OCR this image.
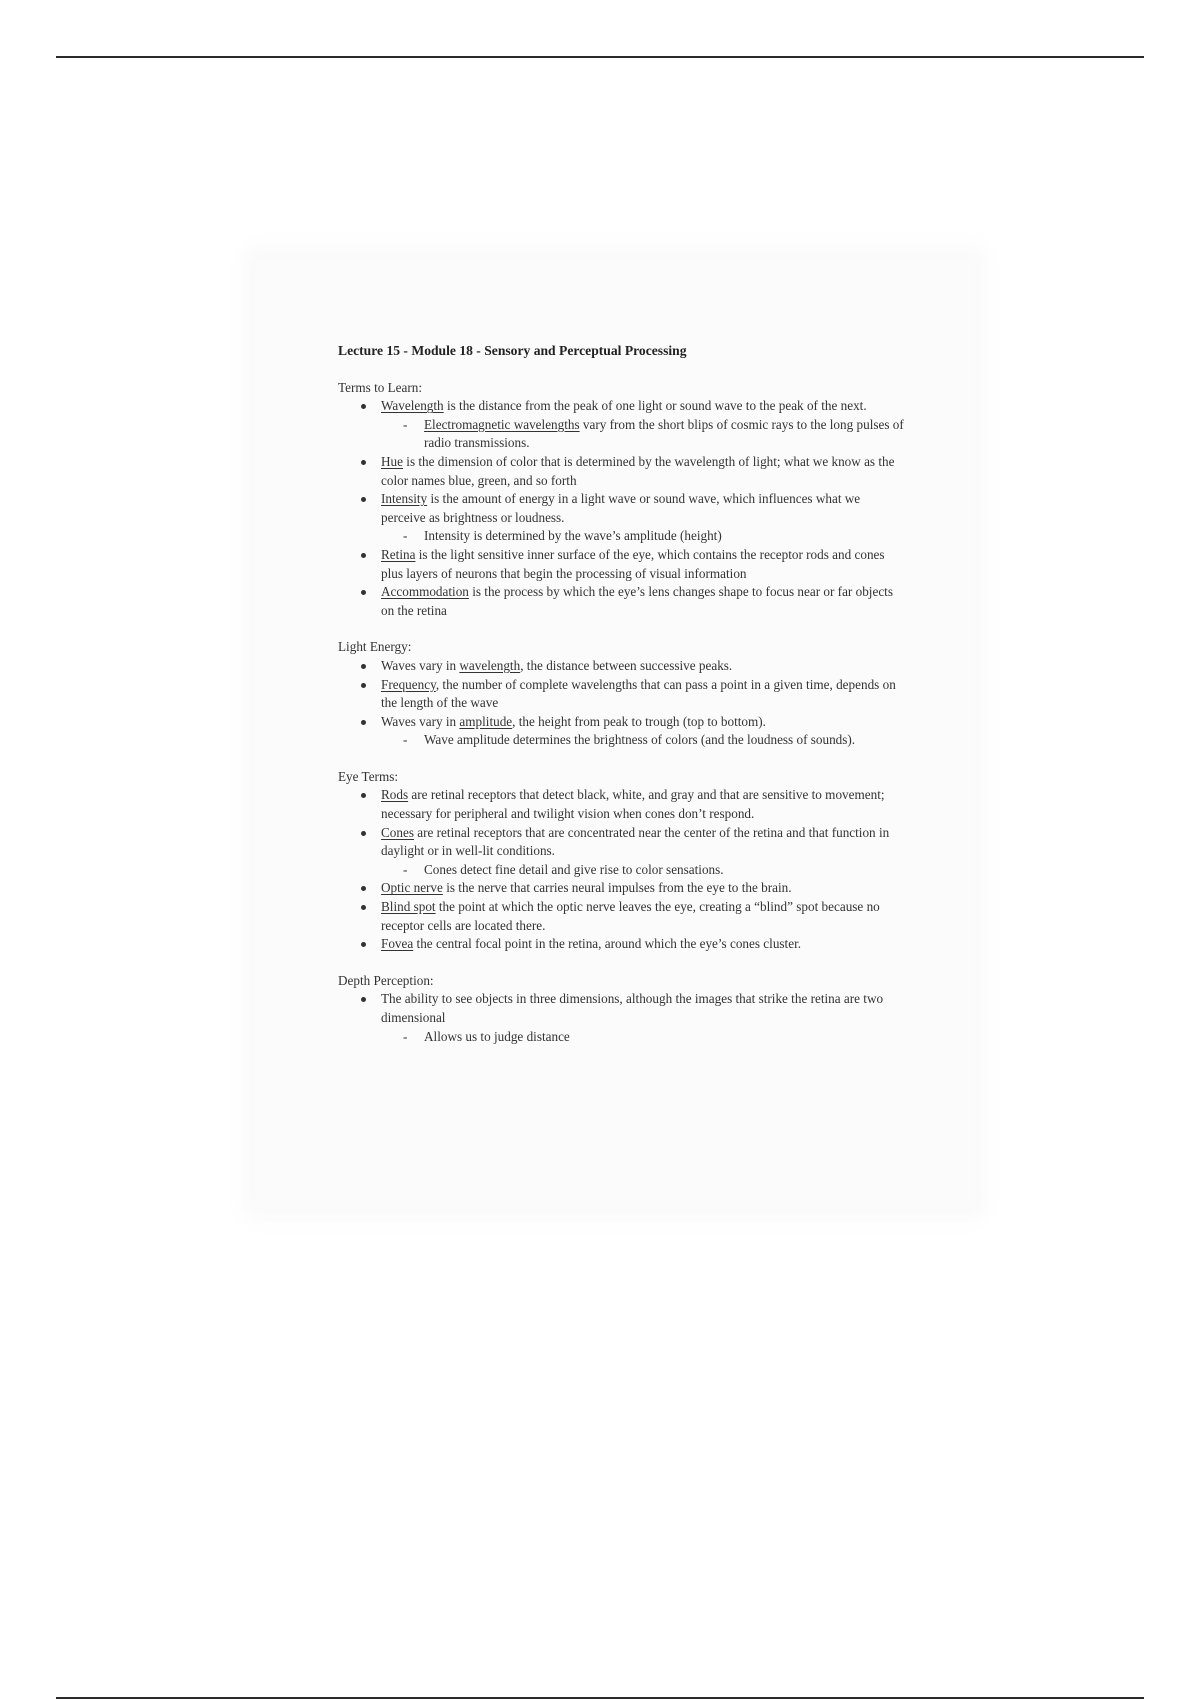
Lecture 15 - Module 18 - Sensory and Perceptual Processing
Terms to Learn:
Wavelength is the distance from the peak of one light or sound wave to the peak of the next.
- Electromagnetic wavelengths vary from the short blips of cosmic rays to the long pulses of radio transmissions.
Hue is the dimension of color that is determined by the wavelength of light; what we know as the color names blue, green, and so forth
Intensity is the amount of energy in a light wave or sound wave, which influences what we perceive as brightness or loudness.
- Intensity is determined by the wave’s amplitude (height)
Retina is the light sensitive inner surface of the eye, which contains the receptor rods and cones plus layers of neurons that begin the processing of visual information
Accommodation is the process by which the eye’s lens changes shape to focus near or far objects on the retina
Light Energy:
Waves vary in wavelength, the distance between successive peaks.
Frequency, the number of complete wavelengths that can pass a point in a given time, depends on the length of the wave
Waves vary in amplitude, the height from peak to trough (top to bottom).
- Wave amplitude determines the brightness of colors (and the loudness of sounds).
Eye Terms:
Rods are retinal receptors that detect black, white, and gray and that are sensitive to movement; necessary for peripheral and twilight vision when cones don’t respond.
Cones are retinal receptors that are concentrated near the center of the retina and that function in daylight or in well-lit conditions.
- Cones detect fine detail and give rise to color sensations.
Optic nerve is the nerve that carries neural impulses from the eye to the brain.
Blind spot the point at which the optic nerve leaves the eye, creating a “blind” spot because no receptor cells are located there.
Fovea the central focal point in the retina, around which the eye’s cones cluster.
Depth Perception:
The ability to see objects in three dimensions, although the images that strike the retina are two dimensional
- Allows us to judge distance
